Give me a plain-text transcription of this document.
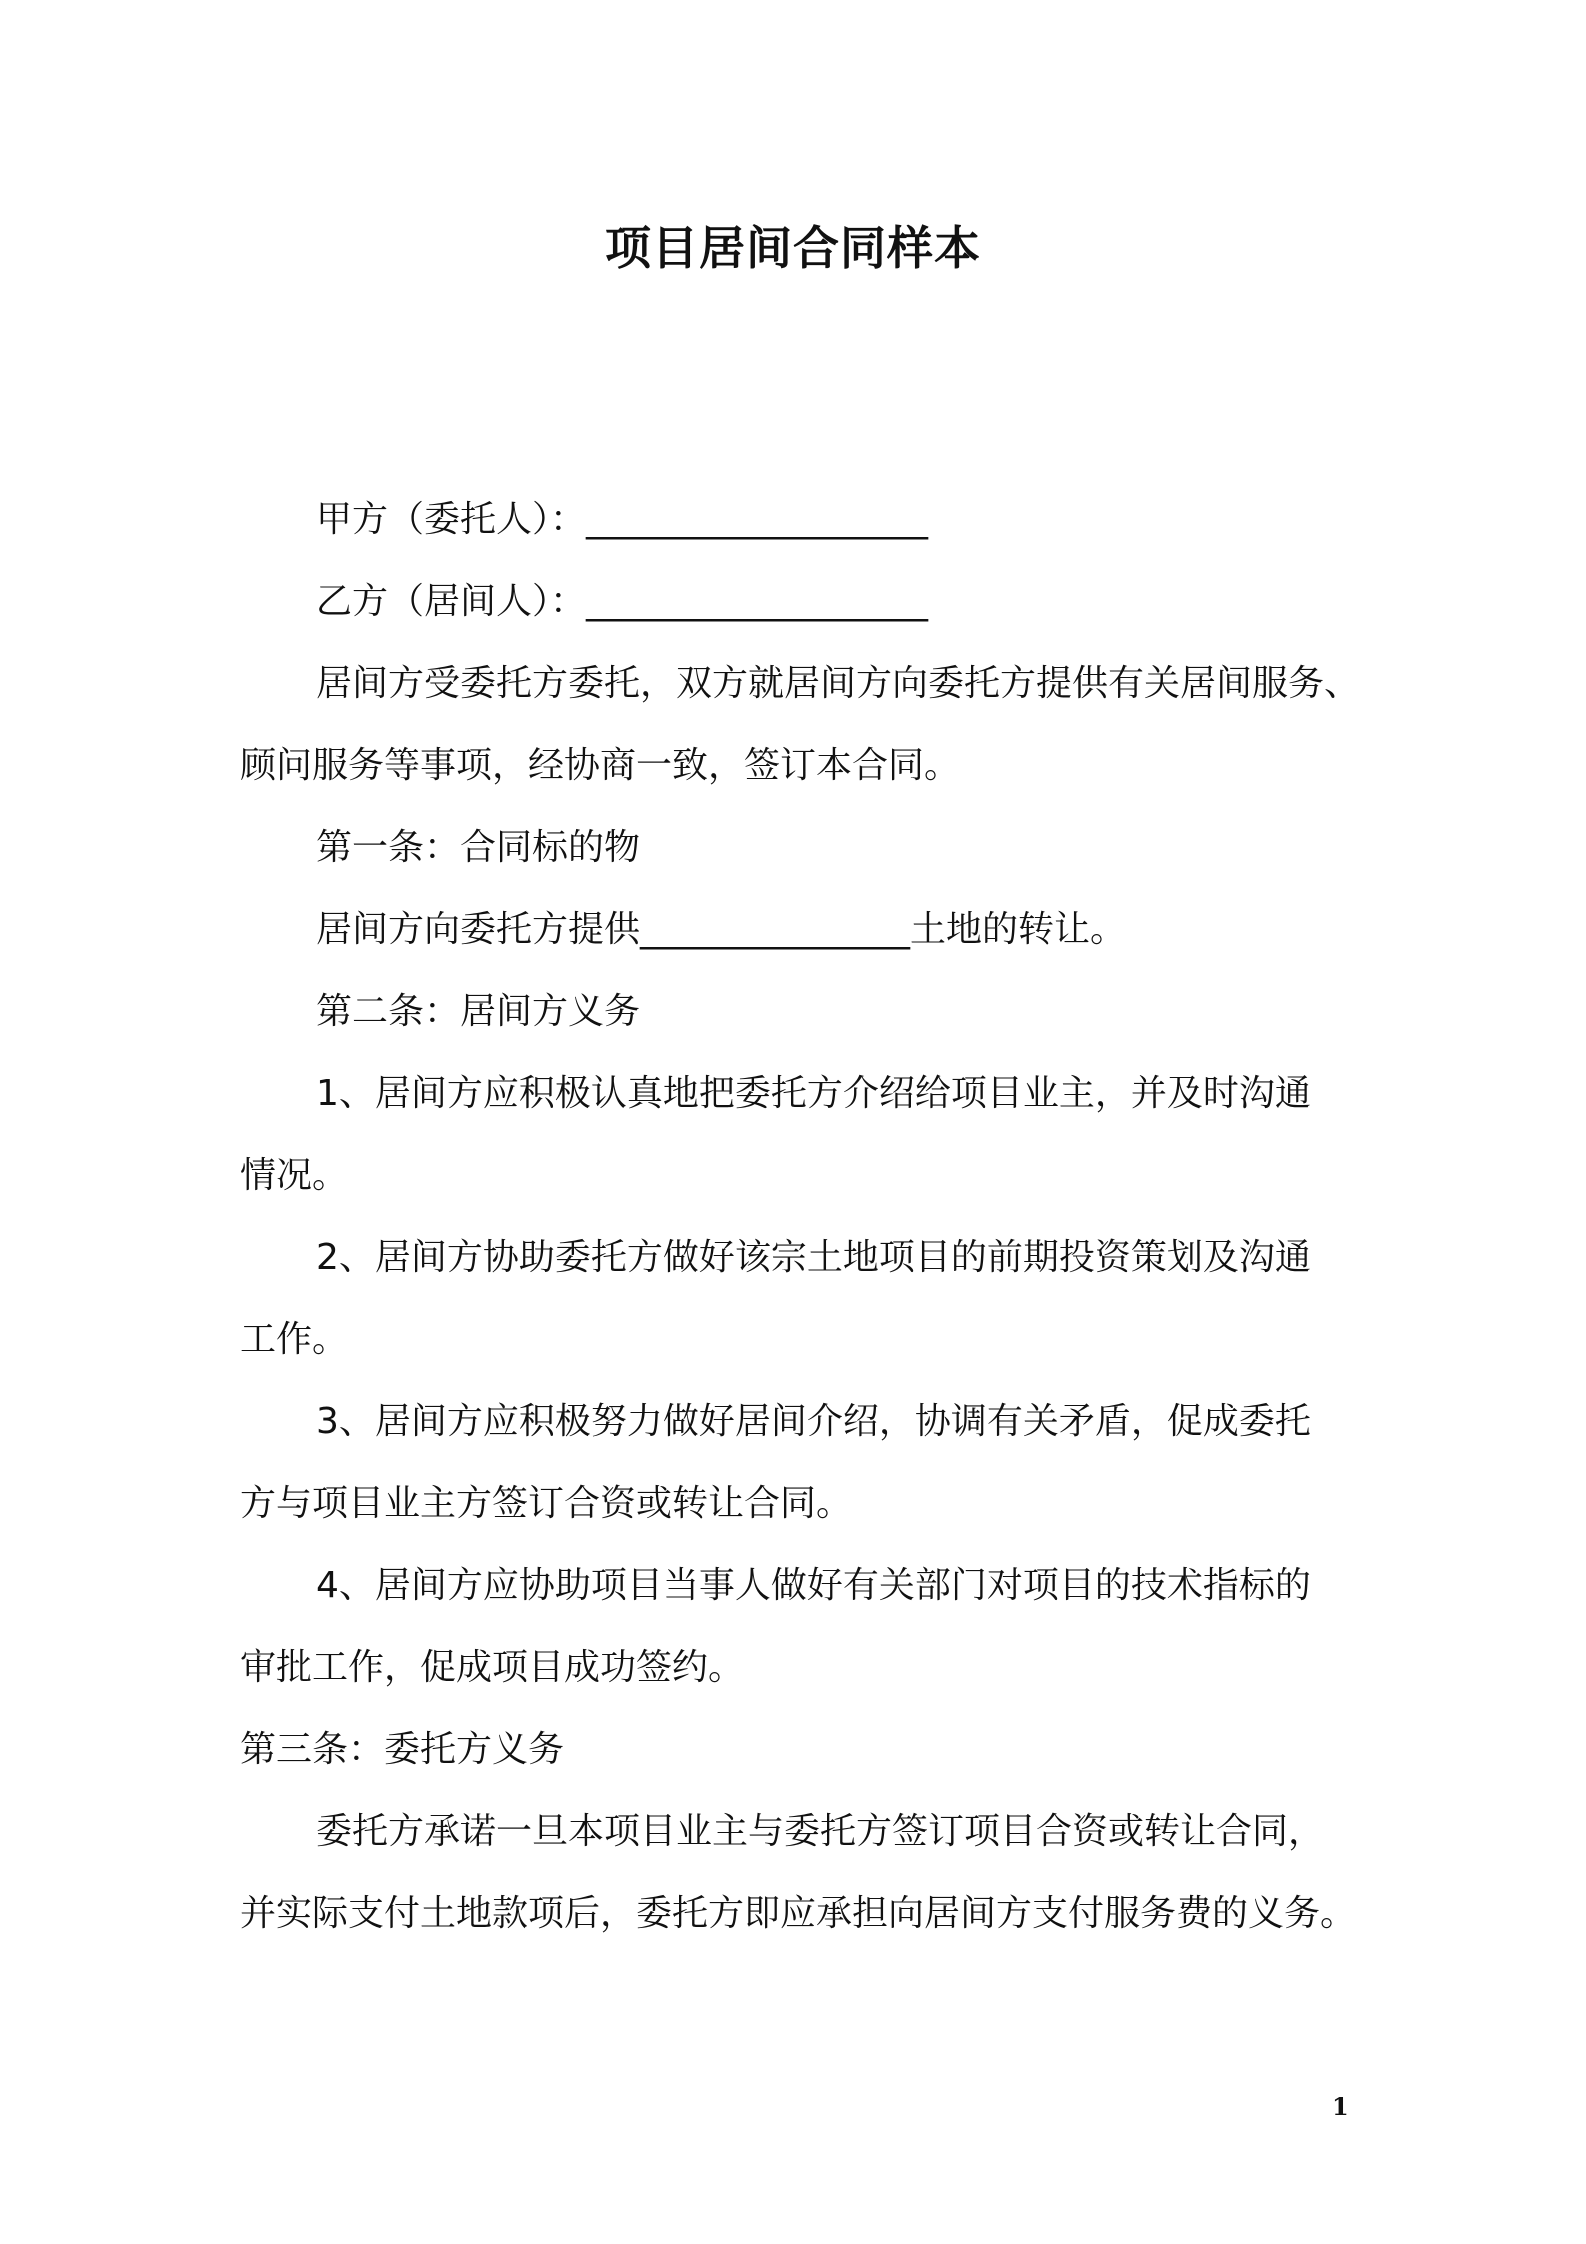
项目居间合同样本
甲方（委托人）：___________________
乙方（居间人）：___________________
居间方受委托方委托，双方就居间方向委托方提供有关居间服务、
顾问服务等事项，经协商一致，签订本合同。
第一条：合同标的物
居间方向委托方提供_______________土地的转让。
第二条：居间方义务
1、居间方应积极认真地把委托方介绍给项目业主，并及时沟通
情况。
2、居间方协助委托方做好该宗土地项目的前期投资策划及沟通
工作。
3、居间方应积极努力做好居间介绍，协调有关矛盾，促成委托
方与项目业主方签订合资或转让合同。
4、居间方应协助项目当事人做好有关部门对项目的技术指标的
审批工作，促成项目成功签约。
第三条：委托方义务
委托方承诺一旦本项目业主与委托方签订项目合资或转让合同，
并实际支付土地款项后，委托方即应承担向居间方支付服务费的义务。
1
